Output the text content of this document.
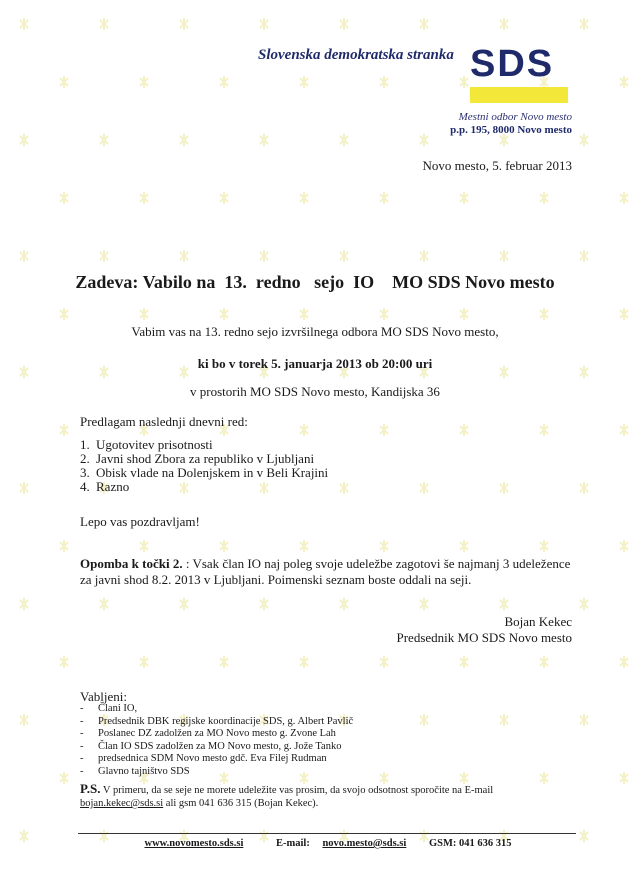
Slovenska demokratska stranka SDS
Mestni odbor Novo mesto
p.p. 195, 8000 Novo mesto
Novo mesto, 5. februar 2013
Zadeva: Vabilo na  13.  redno   sejo  IO    MO SDS Novo mesto
Vabim vas na 13. redno sejo izvršilnega odbora MO SDS Novo mesto,
ki bo v torek 5. januarja 2013 ob 20:00 uri
v prostorih MO SDS Novo mesto, Kandijska 36
Predlagam naslednji dnevni red:
1. Ugotovitev prisotnosti
2. Javni shod Zbora za republiko v Ljubljani
3. Obisk vlade na Dolenjskem in v Beli Krajini
4. Razno
Lepo vas pozdravljam!
Opomba k točki 2. : Vsak član IO naj poleg svoje udeležbe zagotovi še najmanj 3 udeležence za javni shod 8.2. 2013 v Ljubljani. Poimenski seznam boste oddali na seji.
Bojan Kekec
Predsednik MO SDS Novo mesto
Vabljeni:
-	Člani IO,
-	Predsednik DBK regijske koordinacije SDS, g. Albert Pavlič
-	Poslanec DZ zadolžen za MO Novo mesto g. Zvone Lah
-	Član IO SDS zadolžen za MO Novo mesto, g. Jože Tanko
-	predsednica SDM Novo mesto gdč. Eva Filej Rudman
-	Glavno tajništvo SDS
P.S. V primeru, da se seje ne morete udeležite vas prosim, da svojo odsotnost sporočite na E-mail
bojan.kekec@sds.si ali gsm 041 636 315 (Bojan Kekec).
www.novomesto.sds.si	E-mail: novo.mesto@sds.si GSM: 041 636 315
